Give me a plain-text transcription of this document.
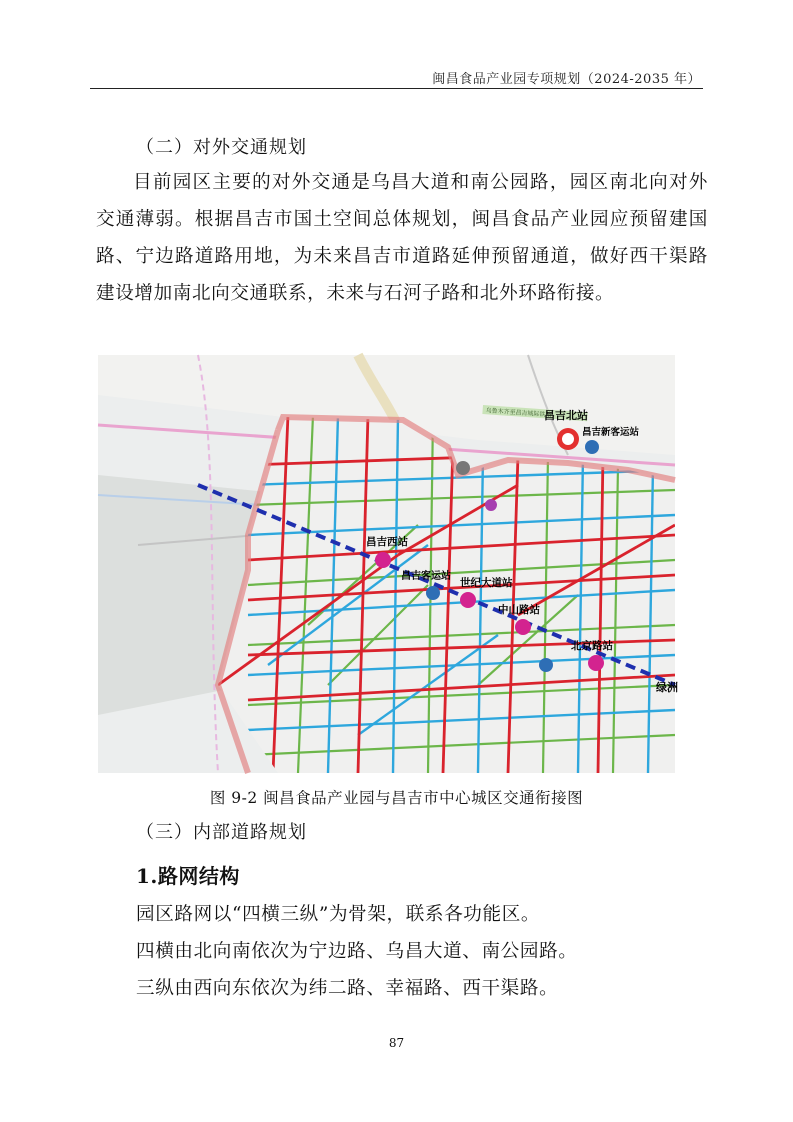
闽昌食品产业园专项规划（2024-2035 年）
（二）对外交通规划
目前园区主要的对外交通是乌昌大道和南公园路，园区南北向对外交通薄弱。根据昌吉市国土空间总体规划，闽昌食品产业园应预留建国路、宁边路道路用地，为未来昌吉市道路延伸预留通道，做好西干渠路建设增加南北向交通联系，未来与石河子路和北外环路衔接。
乌鲁木齐至昌吉城际铁路
昌吉北站
昌吉新客运站
昌吉西站
昌吉客运站
世纪大道站
中山路站
北京路站
绿洲
图 9-2 闽昌食品产业园与昌吉市中心城区交通衔接图
（三）内部道路规划
1.路网结构
园区路网以“四横三纵”为骨架，联系各功能区。
四横由北向南依次为宁边路、乌昌大道、南公园路。
三纵由西向东依次为纬二路、幸福路、西干渠路。
87
